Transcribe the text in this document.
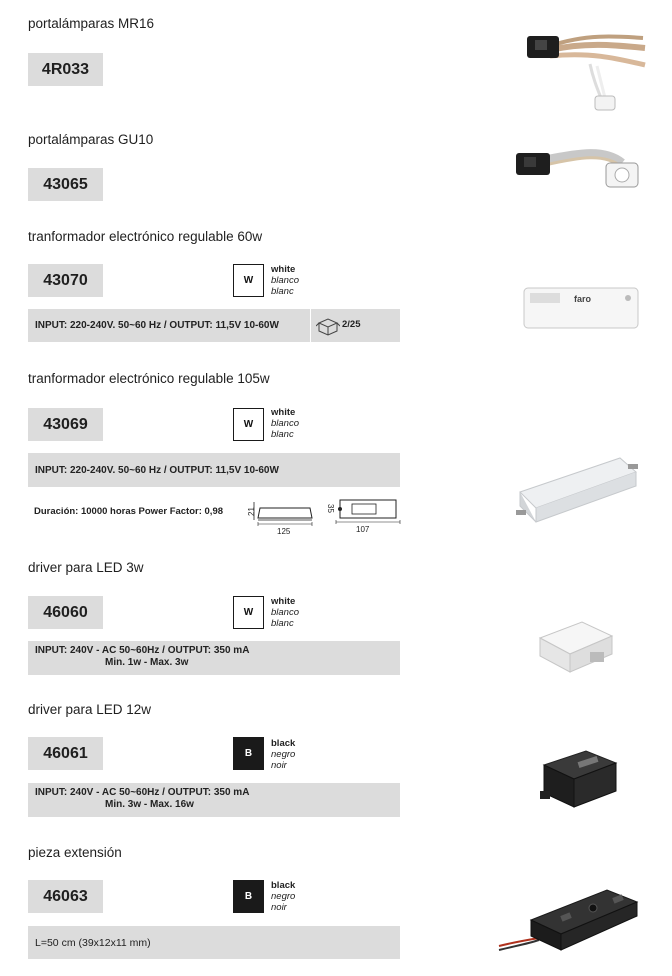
portalámparas MR16
4R033
portalámparas GU10
43065
tranformador electrónico regulable 60w
43070	W
white
blanco
blanc
INPUT: 220-240V. 50~60 Hz / OUTPUT: 11,5V 10-60W	2/25
faro
tranformador electrónico regulable 105w
43069	W
white
blanco
blanc
INPUT: 220-240V. 50~60 Hz / OUTPUT: 11,5V 10-60W
Duración: 10000 horas Power Factor: 0,98	21
125
35
107
driver para LED 3w
46060	W
white
blanco
blanc
INPUT: 240V - AC 50~60Hz / OUTPUT: 350 mA
Min. 1w - Max. 3w
driver para LED 12w
46061	B
black
negro
noir
INPUT: 240V - AC 50~60Hz / OUTPUT: 350 mA
Min. 3w - Max. 16w
pieza extensión
46063	B
black
negro
noir
L=50 cm (39x12x11 mm)
